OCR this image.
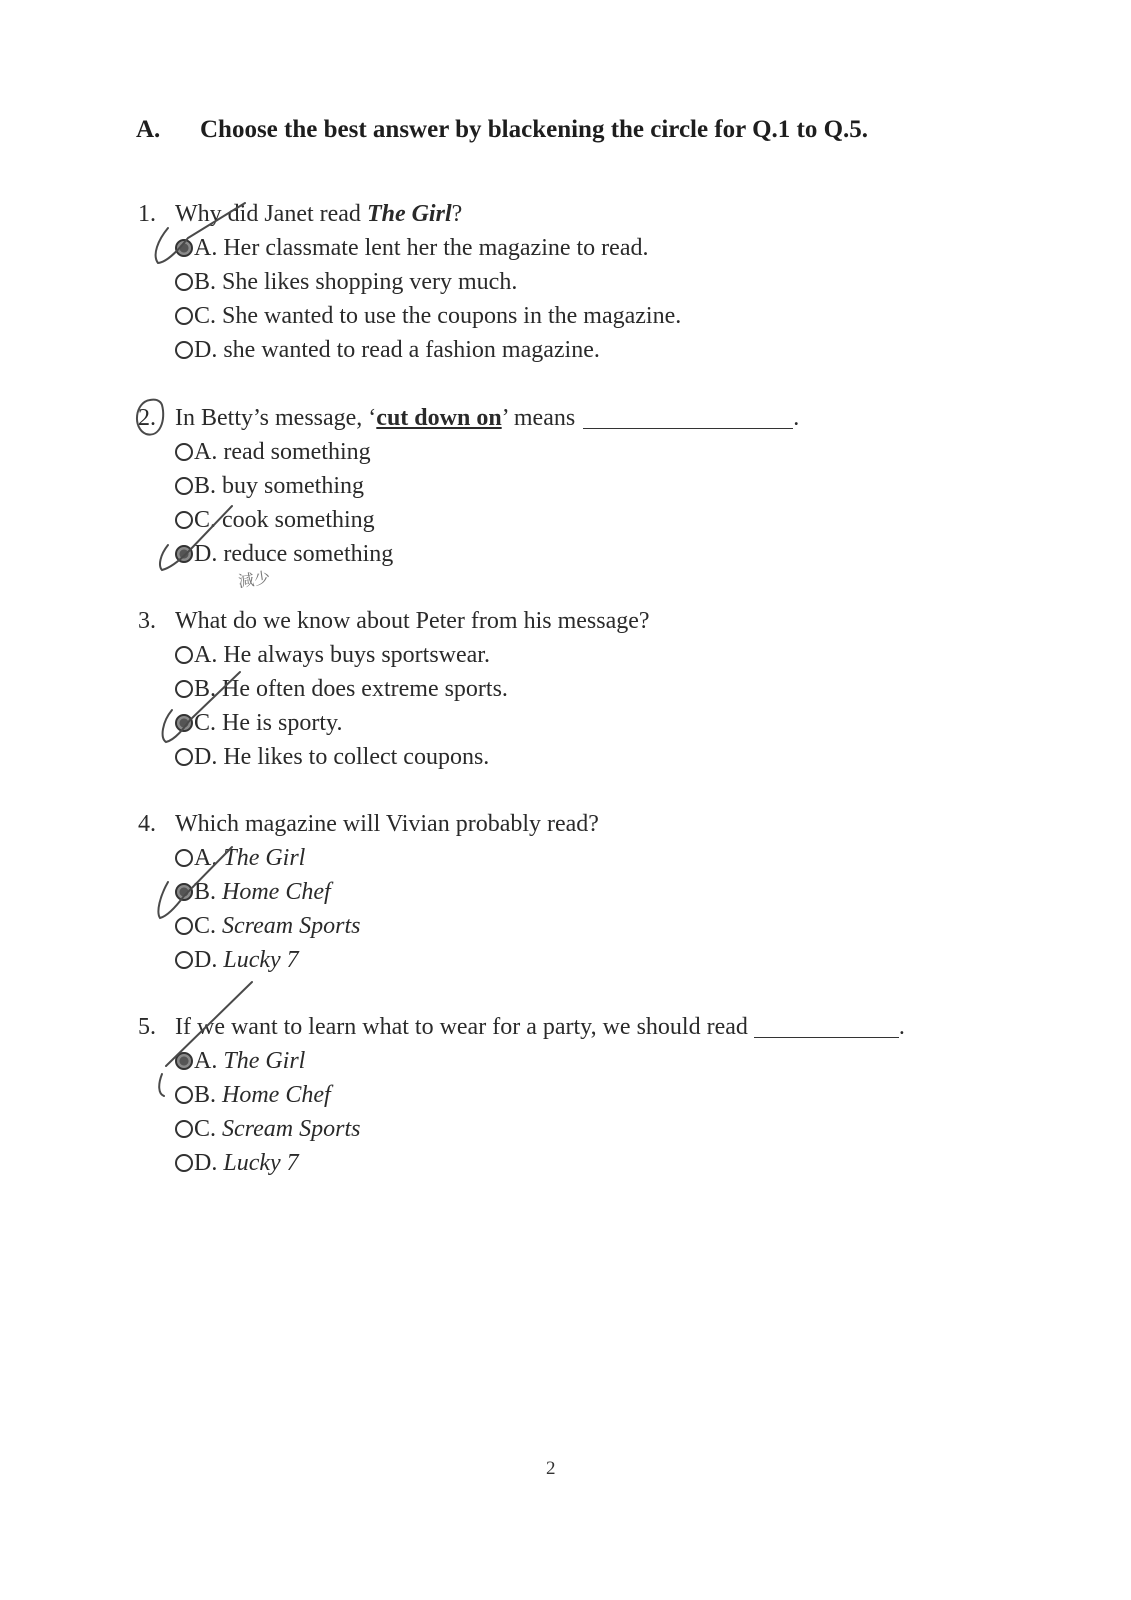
A. Choose the best answer by blackening the circle for Q.1 to Q.5.
1. Why did Janet read The Girl?
A. Her classmate lent her the magazine to read.
B. She likes shopping very much.
C. She wanted to use the coupons in the magazine.
D. she wanted to read a fashion magazine.
2. In Betty’s message, ‘cut down on’ means	.
A. read something
B. buy something
C. cook something
D. reduce something
減少
3. What do we know about Peter from his message?
A. He always buys sportswear.
B. He often does extreme sports.
C. He is sporty.
D. He likes to collect coupons.
4. Which magazine will Vivian probably read?
A. The Girl
B. Home Chef
C. Scream Sports
D. Lucky 7
5. If we want to learn what to wear for a party, we should read	.
A. The Girl
B. Home Chef
C. Scream Sports
D. Lucky 7
2
